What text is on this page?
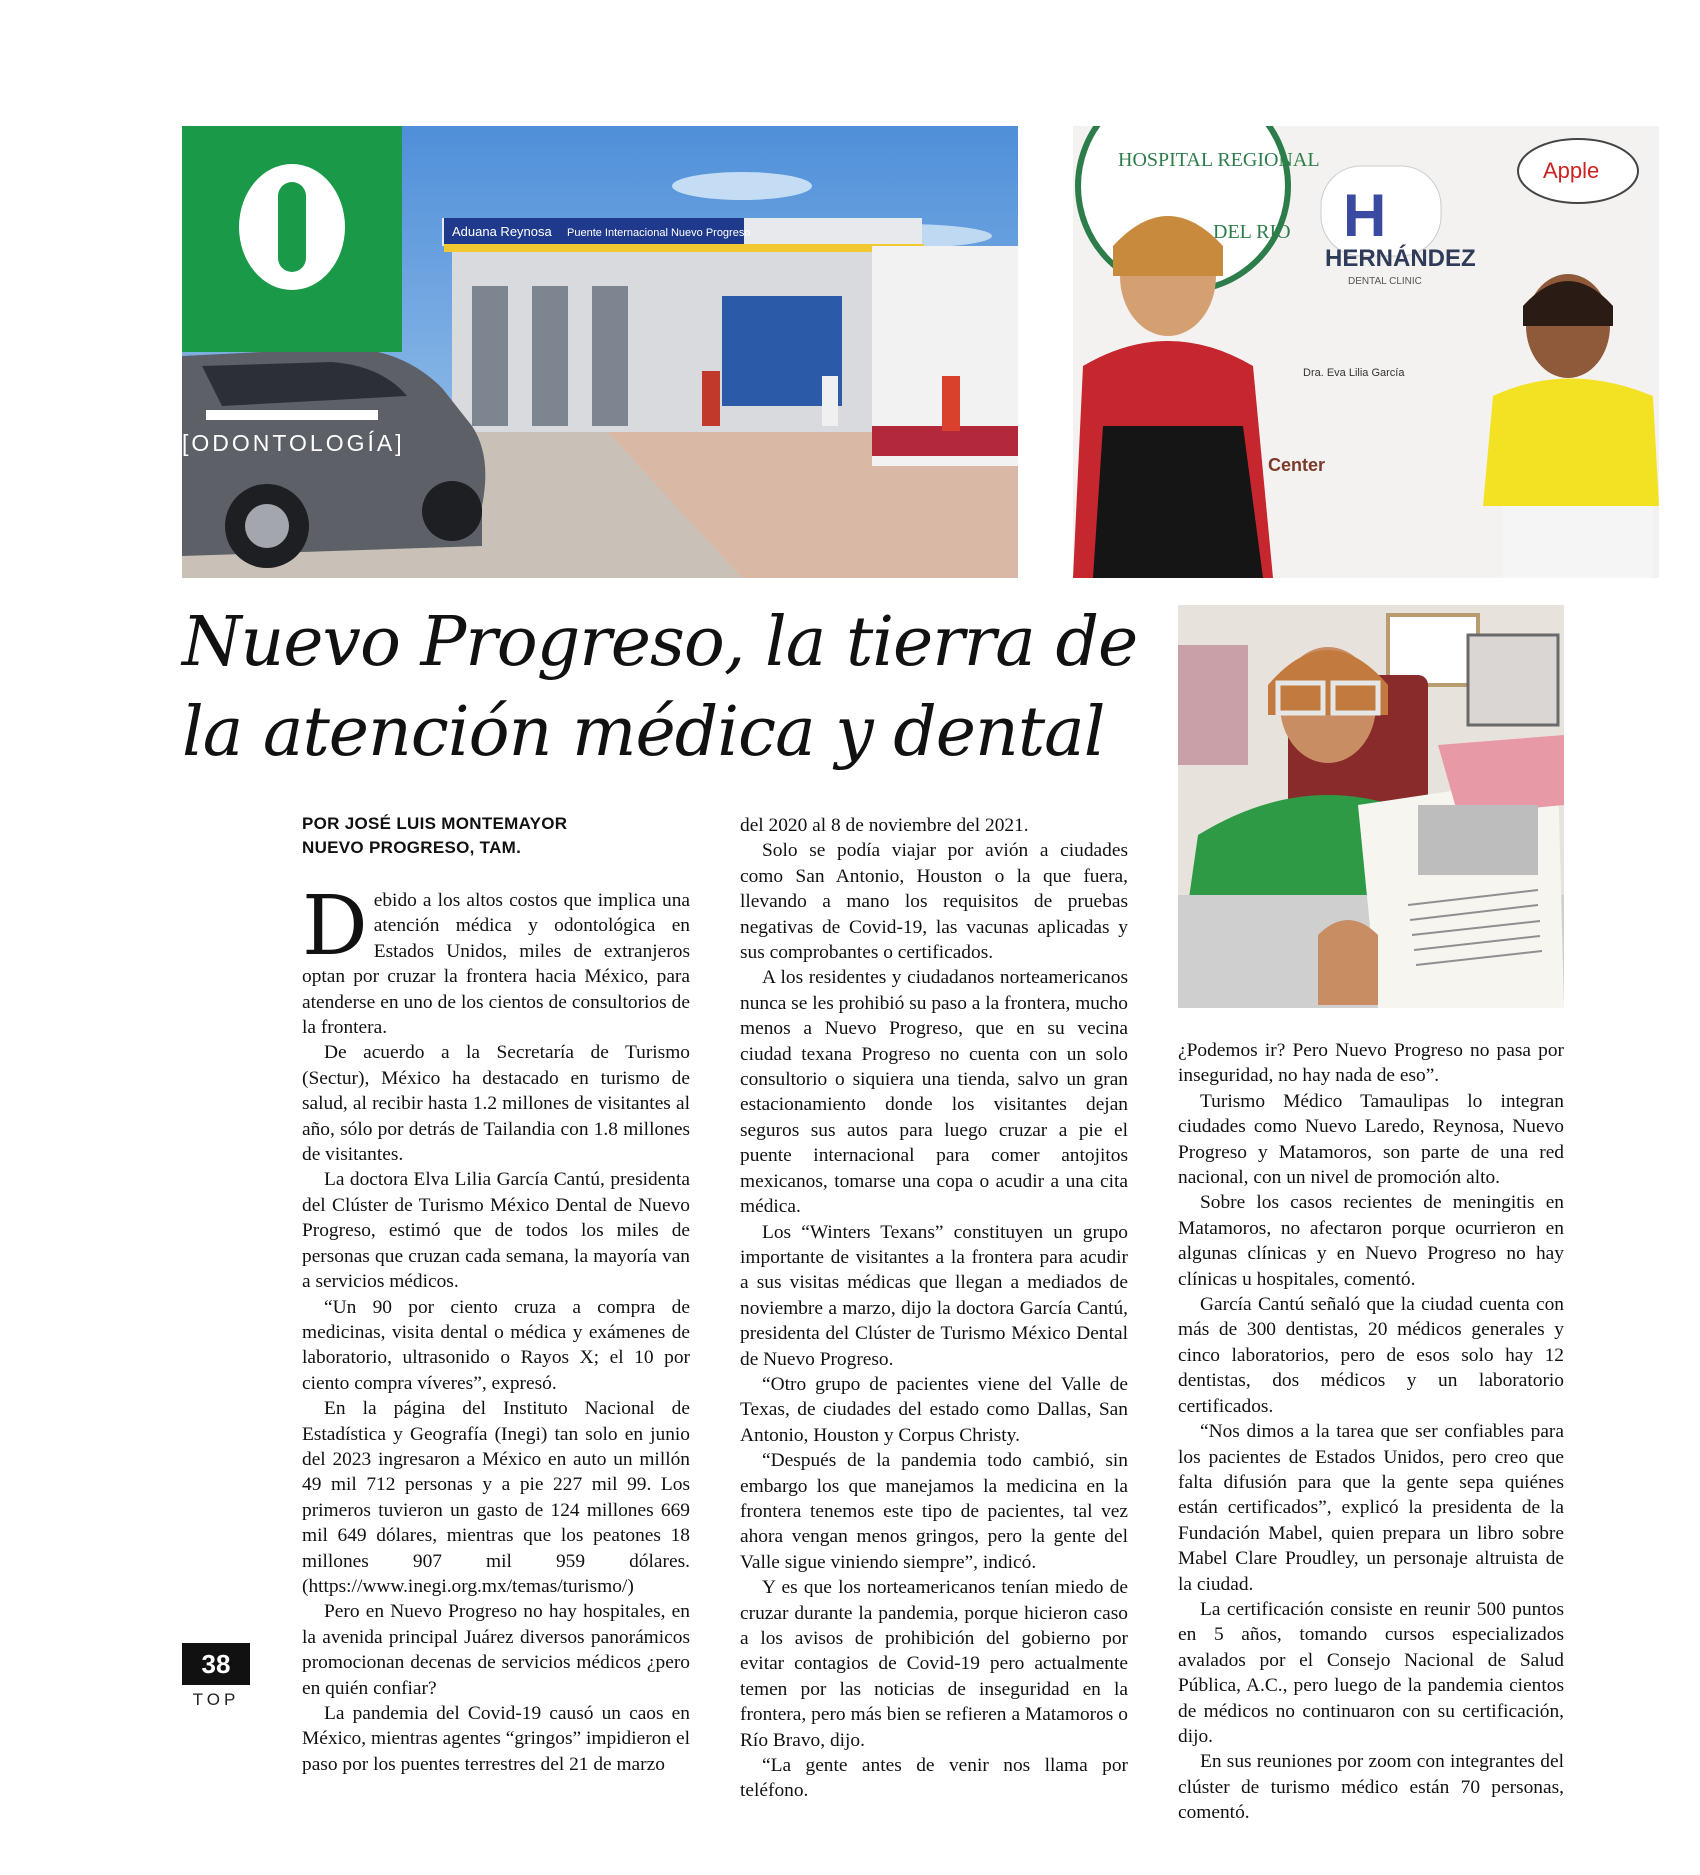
[ODONTOLOGÍA]
Aduana Reynosa Puente Internacional Nuevo Progreso
HOSPITAL REGIONAL
DEL RIO H
HERNÁNDEZ
DENTAL CLINIC
Apple
Dra. Eva Lilia García
Center
Nuevo Progreso, la tierra de la atención médica y dental
POR JOSÉ LUIS MONTEMAYOR
NUEVO PROGRESO, TAM.

Debido a los altos costos que implica una atención médica y odontológica en Estados Unidos, miles de extranjeros optan por cruzar la frontera hacia México, para atenderse en uno de los cientos de consultorios de la frontera.

De acuerdo a la Secretaría de Turismo (Sectur), México ha destacado en turismo de salud, al recibir hasta 1.2 millones de visitantes al año, sólo por detrás de Tailandia con 1.8 millones de visitantes.

La doctora Elva Lilia García Cantú, presidenta del Clúster de Turismo México Dental de Nuevo Progreso, estimó que de todos los miles de personas que cruzan cada semana, la mayoría van a servicios médicos.

“Un 90 por ciento cruza a compra de medicinas, visita dental o médica y exámenes de laboratorio, ultrasonido o Rayos X; el 10 por ciento compra víveres”, expresó.

En la página del Instituto Nacional de Estadística y Geografía (Inegi) tan solo en junio del 2023 ingresaron a México en auto un millón 49 mil 712 personas y a pie 227 mil 99. Los primeros tuvieron un gasto de 124 millones 669 mil 649 dólares, mientras que los peatones 18 millones 907 mil 959 dólares. (https://www.inegi.org.mx/temas/turismo/)

Pero en Nuevo Progreso no hay hospitales, en la avenida principal Juárez diversos panorámicos promocionan decenas de servicios médicos ¿pero en quién confiar?

La pandemia del Covid-19 causó un caos en México, mientras agentes “gringos” impidieron el paso por los puentes terrestres del 21 de marzo

del 2020 al 8 de noviembre del 2021.

Solo se podía viajar por avión a ciudades como San Antonio, Houston o la que fuera, llevando a mano los requisitos de pruebas negativas de Covid-19, las vacunas aplicadas y sus comprobantes o certificados.

A los residentes y ciudadanos norteamericanos nunca se les prohibió su paso a la frontera, mucho menos a Nuevo Progreso, que en su vecina ciudad texana Progreso no cuenta con un solo consultorio o siquiera una tienda, salvo un gran estacionamiento donde los visitantes dejan seguros sus autos para luego cruzar a pie el puente internacional para comer antojitos mexicanos, tomarse una copa o acudir a una cita médica.

Los “Winters Texans” constituyen un grupo importante de visitantes a la frontera para acudir a sus visitas médicas que llegan a mediados de noviembre a marzo, dijo la doctora García Cantú, presidenta del Clúster de Turismo México Dental de Nuevo Progreso.

“Otro grupo de pacientes viene del Valle de Texas, de ciudades del estado como Dallas, San Antonio, Houston y Corpus Christy.

“Después de la pandemia todo cambió, sin embargo los que manejamos la medicina en la frontera tenemos este tipo de pacientes, tal vez ahora vengan menos gringos, pero la gente del Valle sigue viniendo siempre”, indicó.

Y es que los norteamericanos tenían miedo de cruzar durante la pandemia, porque hicieron caso a los avisos de prohibición del gobierno por evitar contagios de Covid-19 pero actualmente temen por las noticias de inseguridad en la frontera, pero más bien se refieren a Matamoros o Río Bravo, dijo.

“La gente antes de venir nos llama por teléfono.

¿Podemos ir? Pero Nuevo Progreso no pasa por inseguridad, no hay nada de eso”.

Turismo Médico Tamaulipas lo integran ciudades como Nuevo Laredo, Reynosa, Nuevo Progreso y Matamoros, son parte de una red nacional, con un nivel de promoción alto.

Sobre los casos recientes de meningitis en Matamoros, no afectaron porque ocurrieron en algunas clínicas y en Nuevo Progreso no hay clínicas u hospitales, comentó.

García Cantú señaló que la ciudad cuenta con más de 300 dentistas, 20 médicos generales y cinco laboratorios, pero de esos solo hay 12 dentistas, dos médicos y un laboratorio certificados.

“Nos dimos a la tarea que ser confiables para los pacientes de Estados Unidos, pero creo que falta difusión para que la gente sepa quiénes están certificados”, explicó la presidenta de la Fundación Mabel, quien prepara un libro sobre Mabel Clare Proudley, un personaje altruista de la ciudad.

La certificación consiste en reunir 500 puntos en 5 años, tomando cursos especializados avalados por el Consejo Nacional de Salud Pública, A.C., pero luego de la pandemia cientos de médicos no continuaron con su certificación, dijo.

En sus reuniones por zoom con integrantes del clúster de turismo médico están 70 personas, comentó.

38
TOP
